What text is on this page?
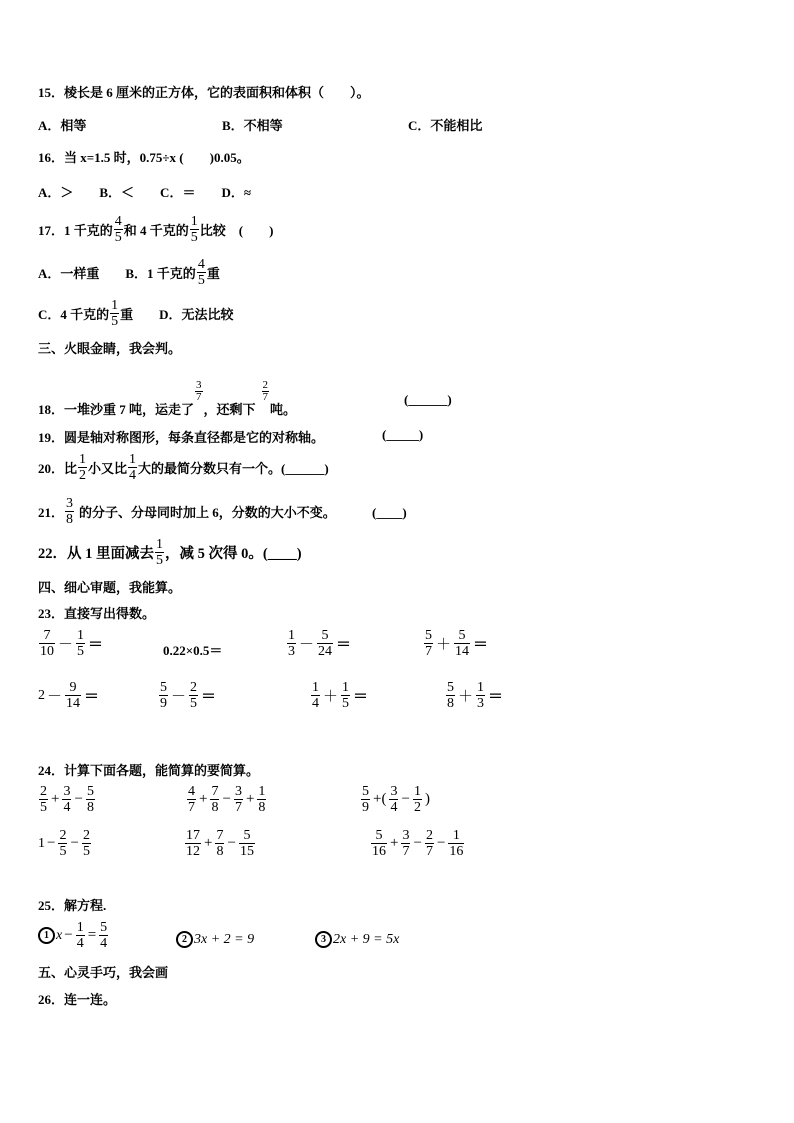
15．棱长是 6 厘米的正方体，它的表面积和体积（　　）。
A．相等	B．不相等	C．不能相比
16．当 x=1.5 时，0.75÷x (　　)0.05。
A．＞　　B．＜　　C．＝　　D．≈
17．1 千克的 $\frac{4}{5}$ 和 4 千克的 $\frac{1}{5}$ 比较　(　　)
A．一样重　　B．1 千克的 $\frac{4}{5}$ 重
C．4 千克的 $\frac{1}{5}$ 重　　D．无法比较
三、火眼金睛，我会判。
18．一堆沙重 7 吨，运走了
$\frac{3}{7}$
，还剩下
$\frac{2}{7}$
吨。
(______)
19．圆是轴对称图形，每条直径都是它的对称轴。	(_____)
20．比 $\frac{1}{2}$ 小又比 $\frac{1}{4}$ 大的最简分数只有一个。(______)
21． $\frac{3}{8}$ 的分子、分母同时加上 6，分数的大小不变。	(____)
22．从 1 里面减去 $\frac{1}{5}$ ，减 5 次得 0。(____)
四、细心审题，我能算。
23．直接写出得数。
$\frac{7}{10} - \frac{1}{5}$ ＝	0.22×0.5＝	$\frac{1}{3} - \frac{5}{24}$ ＝	$\frac{5}{7} + \frac{5}{14}$ ＝
$2 - \frac{9}{14}$ ＝	$\frac{5}{9} - \frac{2}{5}$ ＝	$\frac{1}{4} + \frac{1}{5}$ ＝	$\frac{5}{8} + \frac{1}{3}$ ＝
24．计算下面各题，能简算的要简算。
$\frac{2}{5} + \frac{3}{4} - \frac{5}{8}$	$\frac{4}{7} + \frac{7}{8} - \frac{3}{7} + \frac{1}{8}$	$\frac{5}{9}$ +( $\frac{3}{4} - \frac{1}{2}$ )
$1 - \frac{2}{5} - \frac{2}{5}$	$\frac{17}{12} + \frac{7}{8} - \frac{5}{15}$	$\frac{5}{16} + \frac{3}{7} - \frac{2}{7} - \frac{1}{16}$
25．解方程.
1 $x - \frac{1}{4} = \frac{5}{4}$	2 3x + 2 = 9	3 2x + 9 = 5x
五、心灵手巧，我会画
26．连一连。
